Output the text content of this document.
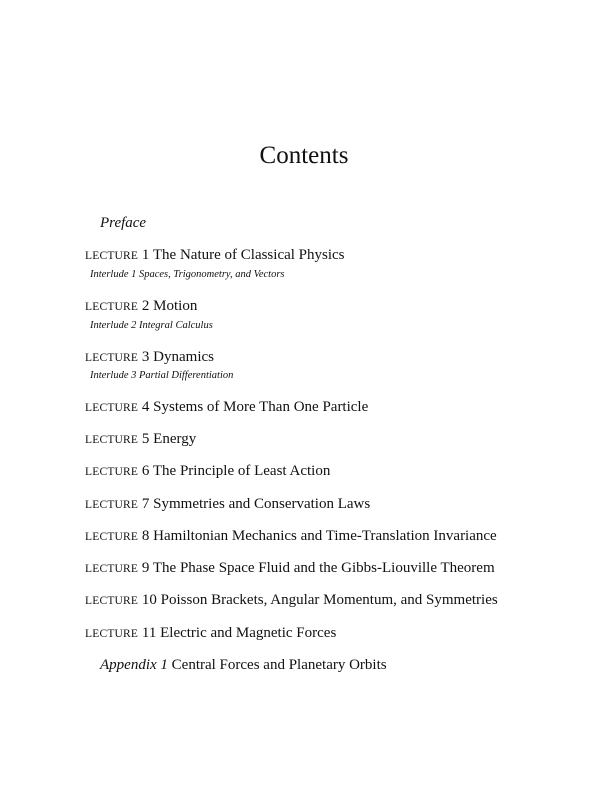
Contents
Preface
LECTURE 1 The Nature of Classical Physics
Interlude 1 Spaces, Trigonometry, and Vectors
LECTURE 2 Motion
Interlude 2 Integral Calculus
LECTURE 3 Dynamics
Interlude 3 Partial Differentiation
LECTURE 4 Systems of More Than One Particle
LECTURE 5 Energy
LECTURE 6 The Principle of Least Action
LECTURE 7 Symmetries and Conservation Laws
LECTURE 8 Hamiltonian Mechanics and Time-Translation Invariance
LECTURE 9 The Phase Space Fluid and the Gibbs-Liouville Theorem
LECTURE 10 Poisson Brackets, Angular Momentum, and Symmetries
LECTURE 11 Electric and Magnetic Forces
Appendix 1 Central Forces and Planetary Orbits
